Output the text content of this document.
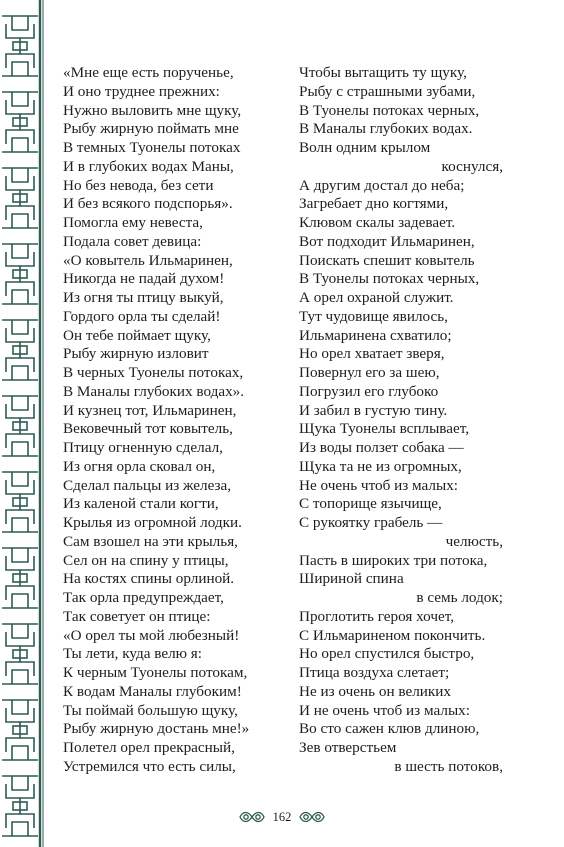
«Мне еще есть порученье,
И оно труднее прежних:
Нужно выловить мне щуку,
Рыбу жирную поймать мне
В темных Туонелы потоках
И в глубоких водах Маны,
Но без невода, без сети
И без всякого подспорья».
Помогла ему невеста,
Подала совет девица:
«О ковытель Ильмаринен,
Никогда не падай духом!
Из огня ты птицу выкуй,
Гордого орла ты сделай!
Он тебе поймает щуку,
Рыбу жирную изловит
В черных Туонелы потоках,
В Маналы глубоких водах».
И кузнец тот, Ильмаринен,
Вековечный тот ковытель,
Птицу огненную сделал,
Из огня орла сковал он,
Сделал пальцы из железа,
Из каленой стали когти,
Крылья из огромной лодки.
Сам взошел на эти крылья,
Сел он на спину у птицы,
На костях спины орлиной.
Так орла предупреждает,
Так советует он птице:
«О орел ты мой любезный!
Ты лети, куда велю я:
К черным Туонелы потокам,
К водам Маналы глубоким!
Ты поймай большую щуку,
Рыбу жирную достань мне!»
Полетел орел прекрасный,
Устремился что есть силы,
Чтобы вытащить ту щуку,
Рыбу с страшными зубами,
В Туонелы потоках черных,
В Маналы глубоких водах.
Волн одним крылом
коснулся,
А другим достал до неба;
Загребает дно когтями,
Клювом скалы задевает.
Вот подходит Ильмаринен,
Поискать спешит ковытель
В Туонелы потоках черных,
А орел охраной служит.
Тут чудовище явилось,
Ильмаринена схватило;
Но орел хватает зверя,
Повернул его за шею,
Погрузил его глубоко
И забил в густую тину.
Щука Туонелы всплывает,
Из воды ползет собака —
Щука та не из огромных,
Не очень чтоб из малых:
С топорище язычище,
С рукоятку грабель —
челюсть,
Пасть в широких три потока,
Шириной спина
в семь лодок;
Проглотить героя хочет,
С Ильмариненом покончить.
Но орел спустился быстро,
Птица воздуха слетает;
Не из очень он великих
И не очень чтоб из малых:
Во сто сажен клюв длиною,
Зев отверстьем
в шесть потоков,
162
